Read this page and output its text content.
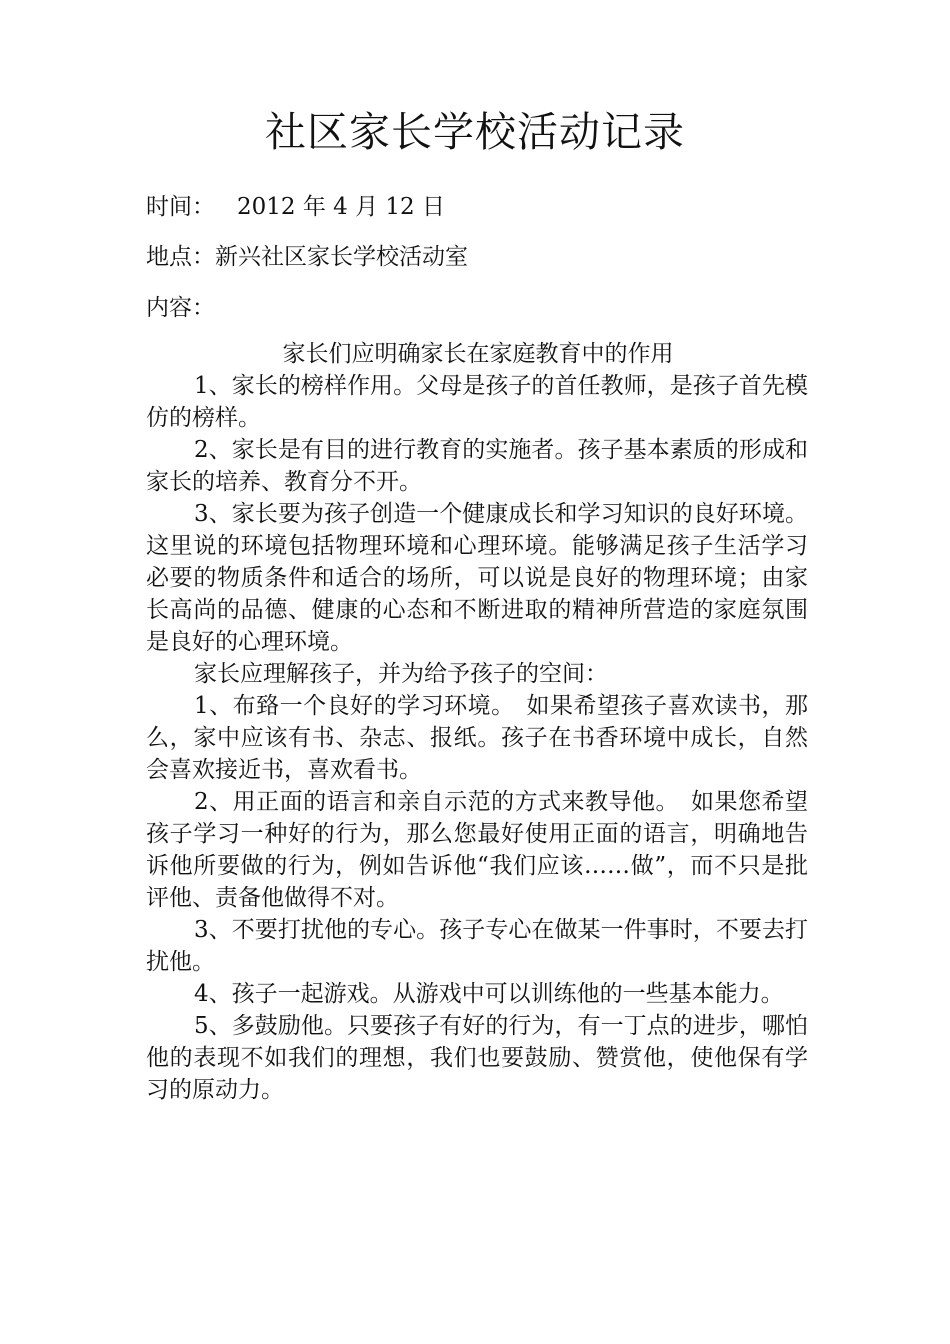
社区家长学校活动记录
时间： 2012 年 4 月 12 日
地点：新兴社区家长学校活动室
内容：

家长们应明确家长在家庭教育中的作用

1、家长的榜样作用。父母是孩子的首任教师，是孩子首先模仿的榜样。

2、家长是有目的进行教育的实施者。孩子基本素质的形成和家长的培养、教育分不开。

3、家长要为孩子创造一个健康成长和学习知识的良好环境。这里说的环境包括物理环境和心理环境。能够满足孩子生活学习必要的物质条件和适合的场所，可以说是良好的物理环境；由家长高尚的品德、健康的心态和不断进取的精神所营造的家庭氛围是良好的心理环境。

家长应理解孩子，并为给予孩子的空间：

1、布臵一个良好的学习环境。　如果希望孩子喜欢读书，那么，家中应该有书、杂志、报纸。孩子在书香环境中成长，自然会喜欢接近书，喜欢看书。

2、用正面的语言和亲自示范的方式来教导他。　如果您希望孩子学习一种好的行为，那么您最好使用正面的语言，明确地告诉他所要做的行为，例如告诉他“我们应该……做”，而不只是批评他、责备他做得不对。

3、不要打扰他的专心。孩子专心在做某一件事时，不要去打扰他。

4、孩子一起游戏。从游戏中可以训练他的一些基本能力。

5、多鼓励他。只要孩子有好的行为，有一丁点的进步，哪怕他的表现不如我们的理想，我们也要鼓励、赞赏他，使他保有学习的原动力。
